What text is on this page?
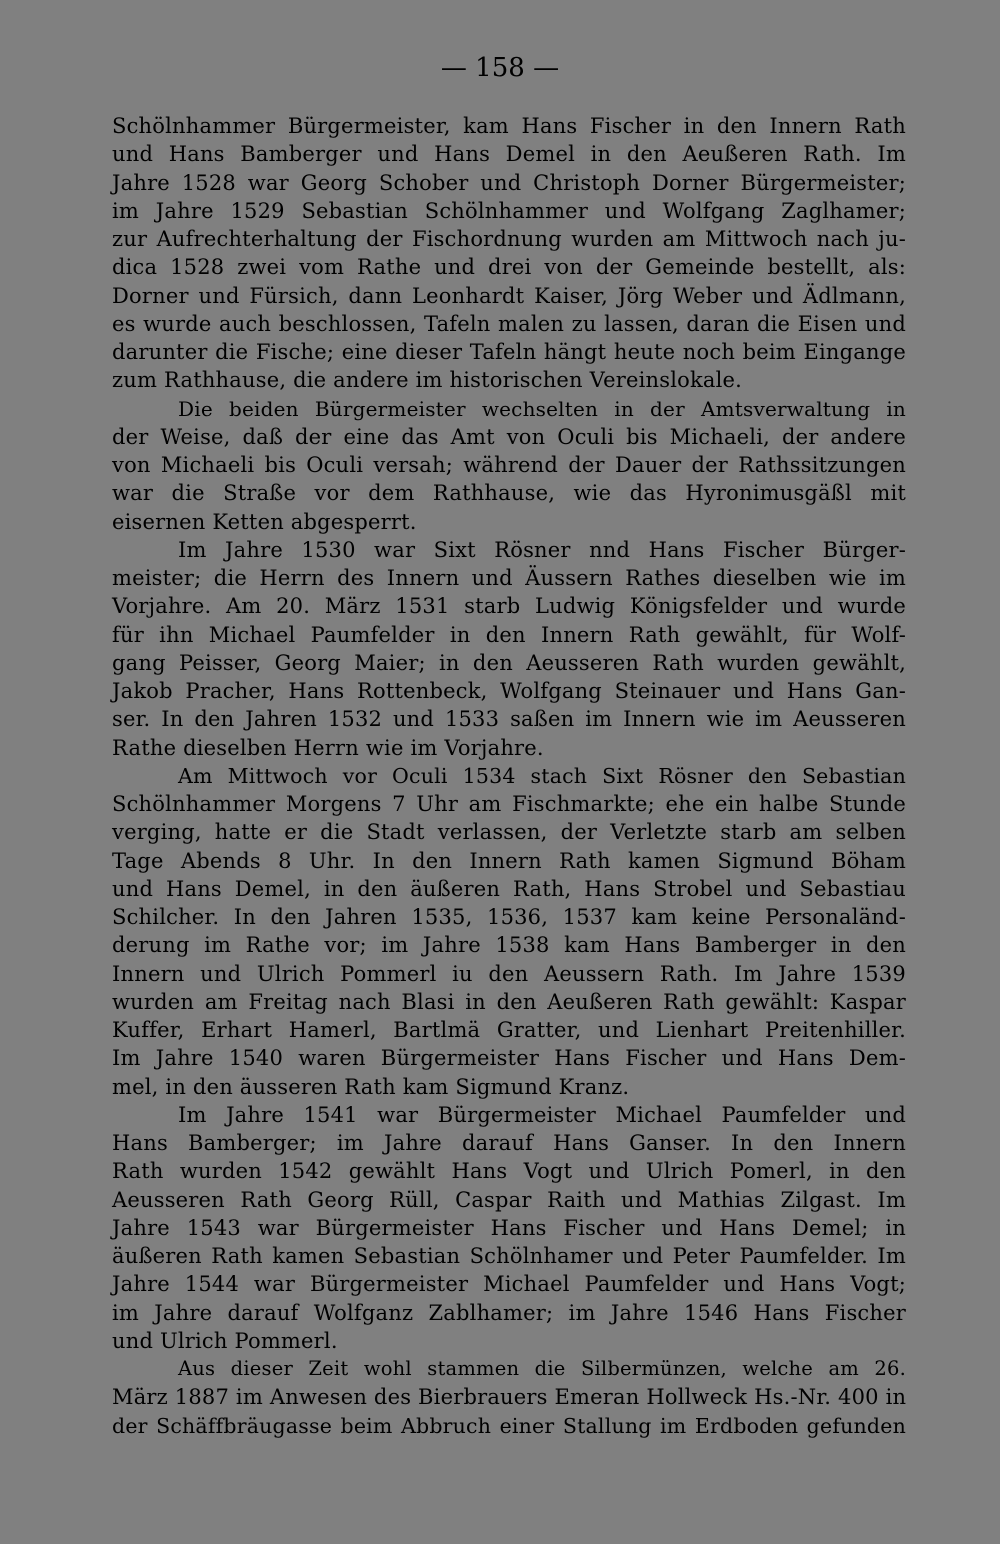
— 158 —
Schölnhammer Bürgermeister, kam Hans Fischer in den Innern Rath
und Hans Bamberger und Hans Demel in den Aeußeren Rath. Im
Jahre 1528 war Georg Schober und Christoph Dorner Bürgermeister;
im Jahre 1529 Sebastian Schölnhammer und Wolfgang Zaglhamer;
zur Aufrechterhaltung der Fischordnung wurden am Mittwoch nach ju-
dica 1528 zwei vom Rathe und drei von der Gemeinde bestellt, als:
Dorner und Fürsich, dann Leonhardt Kaiser, Jörg Weber und Ädlmann,
es wurde auch beschlossen, Tafeln malen zu lassen, daran die Eisen und
darunter die Fische; eine dieser Tafeln hängt heute noch beim Eingange
zum Rathhause, die andere im historischen Vereinslokale.
Die beiden Bürgermeister wechselten in der Amtsverwaltung in
der Weise, daß der eine das Amt von Oculi bis Michaeli, der andere
von Michaeli bis Oculi versah; während der Dauer der Rathssitzungen
war die Straße vor dem Rathhause, wie das Hyronimusgäßl mit
eisernen Ketten abgesperrt.
Im Jahre 1530 war Sixt Rösner nnd Hans Fischer Bürger-
meister; die Herrn des Innern und Äussern Rathes dieselben wie im
Vorjahre. Am 20. März 1531 starb Ludwig Königsfelder und wurde
für ihn Michael Paumfelder in den Innern Rath gewählt, für Wolf-
gang Peisser, Georg Maier; in den Aeusseren Rath wurden gewählt,
Jakob Pracher, Hans Rottenbeck, Wolfgang Steinauer und Hans Gan-
ser. In den Jahren 1532 und 1533 saßen im Innern wie im Aeusseren
Rathe dieselben Herrn wie im Vorjahre.
Am Mittwoch vor Oculi 1534 stach Sixt Rösner den Sebastian
Schölnhammer Morgens 7 Uhr am Fischmarkte; ehe ein halbe Stunde
verging, hatte er die Stadt verlassen, der Verletzte starb am selben
Tage Abends 8 Uhr. In den Innern Rath kamen Sigmund Böham
und Hans Demel, in den äußeren Rath, Hans Strobel und Sebastiau
Schilcher. In den Jahren 1535, 1536, 1537 kam keine Personaländ-
derung im Rathe vor; im Jahre 1538 kam Hans Bamberger in den
Innern und Ulrich Pommerl iu den Aeussern Rath. Im Jahre 1539
wurden am Freitag nach Blasi in den Aeußeren Rath gewählt: Kaspar
Kuffer, Erhart Hamerl, Bartlmä Gratter, und Lienhart Preitenhiller.
Im Jahre 1540 waren Bürgermeister Hans Fischer und Hans Dem-
mel, in den äusseren Rath kam Sigmund Kranz.
Im Jahre 1541 war Bürgermeister Michael Paumfelder und
Hans Bamberger; im Jahre darauf Hans Ganser. In den Innern
Rath wurden 1542 gewählt Hans Vogt und Ulrich Pomerl, in den
Aeusseren Rath Georg Rüll, Caspar Raith und Mathias Zilgast. Im
Jahre 1543 war Bürgermeister Hans Fischer und Hans Demel; in
äußeren Rath kamen Sebastian Schölnhamer und Peter Paumfelder. Im
Jahre 1544 war Bürgermeister Michael Paumfelder und Hans Vogt;
im Jahre darauf Wolfganz Zablhamer; im Jahre 1546 Hans Fischer
und Ulrich Pommerl.
Aus dieser Zeit wohl stammen die Silbermünzen, welche am 26.
März 1887 im Anwesen des Bierbrauers Emeran Hollweck Hs.-Nr. 400 in
der Schäffbräugasse beim Abbruch einer Stallung im Erdboden gefunden
